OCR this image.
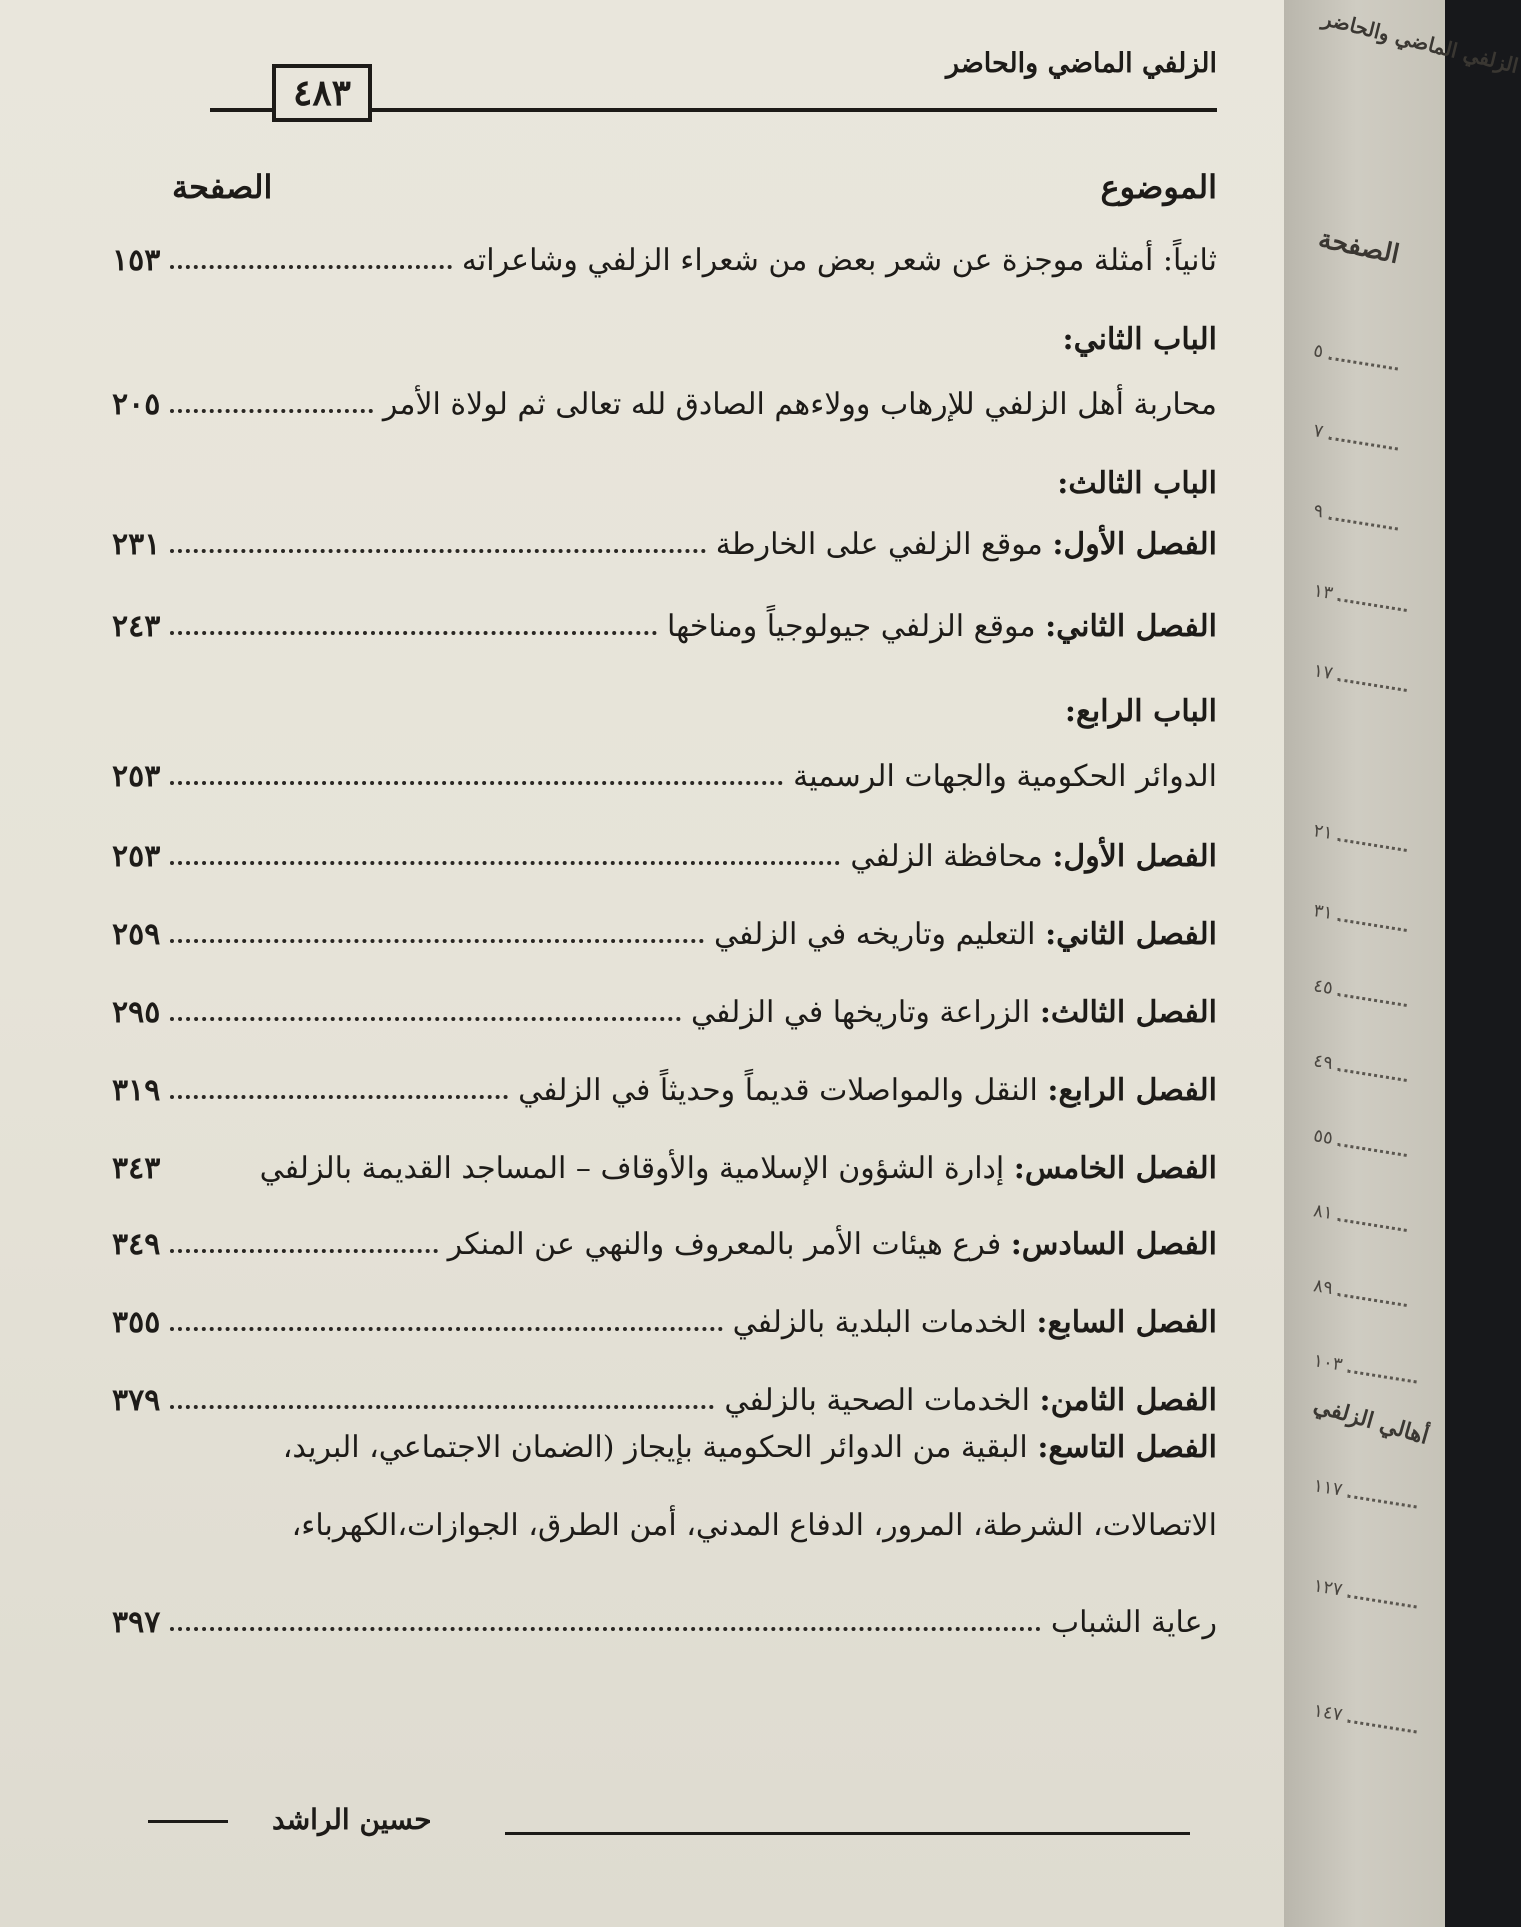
الزلفي الماضي والحاضر
٤٨٣
الموضوع
الصفحة
ثانياً: أمثلة موجزة عن شعر بعض من شعراء الزلفي وشاعراته
١٥٣
الباب الثاني:
محاربة أهل الزلفي للإرهاب وولاءهم الصادق لله تعالى ثم لولاة الأمر
٢٠٥
الباب الثالث:
الفصل الأول: موقع الزلفي على الخارطة
٢٣١
الفصل الثاني: موقع الزلفي جيولوجياً ومناخها
٢٤٣
الباب الرابع:
الدوائر الحكومية والجهات الرسمية
٢٥٣
الفصل الأول: محافظة الزلفي
٢٥٣
الفصل الثاني: التعليم وتاريخه في الزلفي
٢٥٩
الفصل الثالث: الزراعة وتاريخها في الزلفي
٢٩٥
الفصل الرابع: النقل والمواصلات قديماً وحديثاً في الزلفي
٣١٩
الفصل الخامس: إدارة الشؤون الإسلامية والأوقاف – المساجد القديمة بالزلفي
٣٤٣
الفصل السادس: فرع هيئات الأمر بالمعروف والنهي عن المنكر
٣٤٩
الفصل السابع: الخدمات البلدية بالزلفي
٣٥٥
الفصل الثامن: الخدمات الصحية بالزلفي
٣٧٩
الفصل التاسع: البقية من الدوائر الحكومية بإيجاز (الضمان الاجتماعي، البريد،
الاتصالات، الشرطة، المرور، الدفاع المدني، أمن الطرق، الجوازات،الكهرباء،
رعاية الشباب
٣٩٧
حسين الراشد
الزلفي الماضي والحاضر
الصفحة
٥
٧
٩
١٣
١٧
٢١
٣١
٤٥
٤٩
٥٥
٨١
٨٩
١٠٣
أهالي الزلفي
١١٧
١٢٧
١٤٧
